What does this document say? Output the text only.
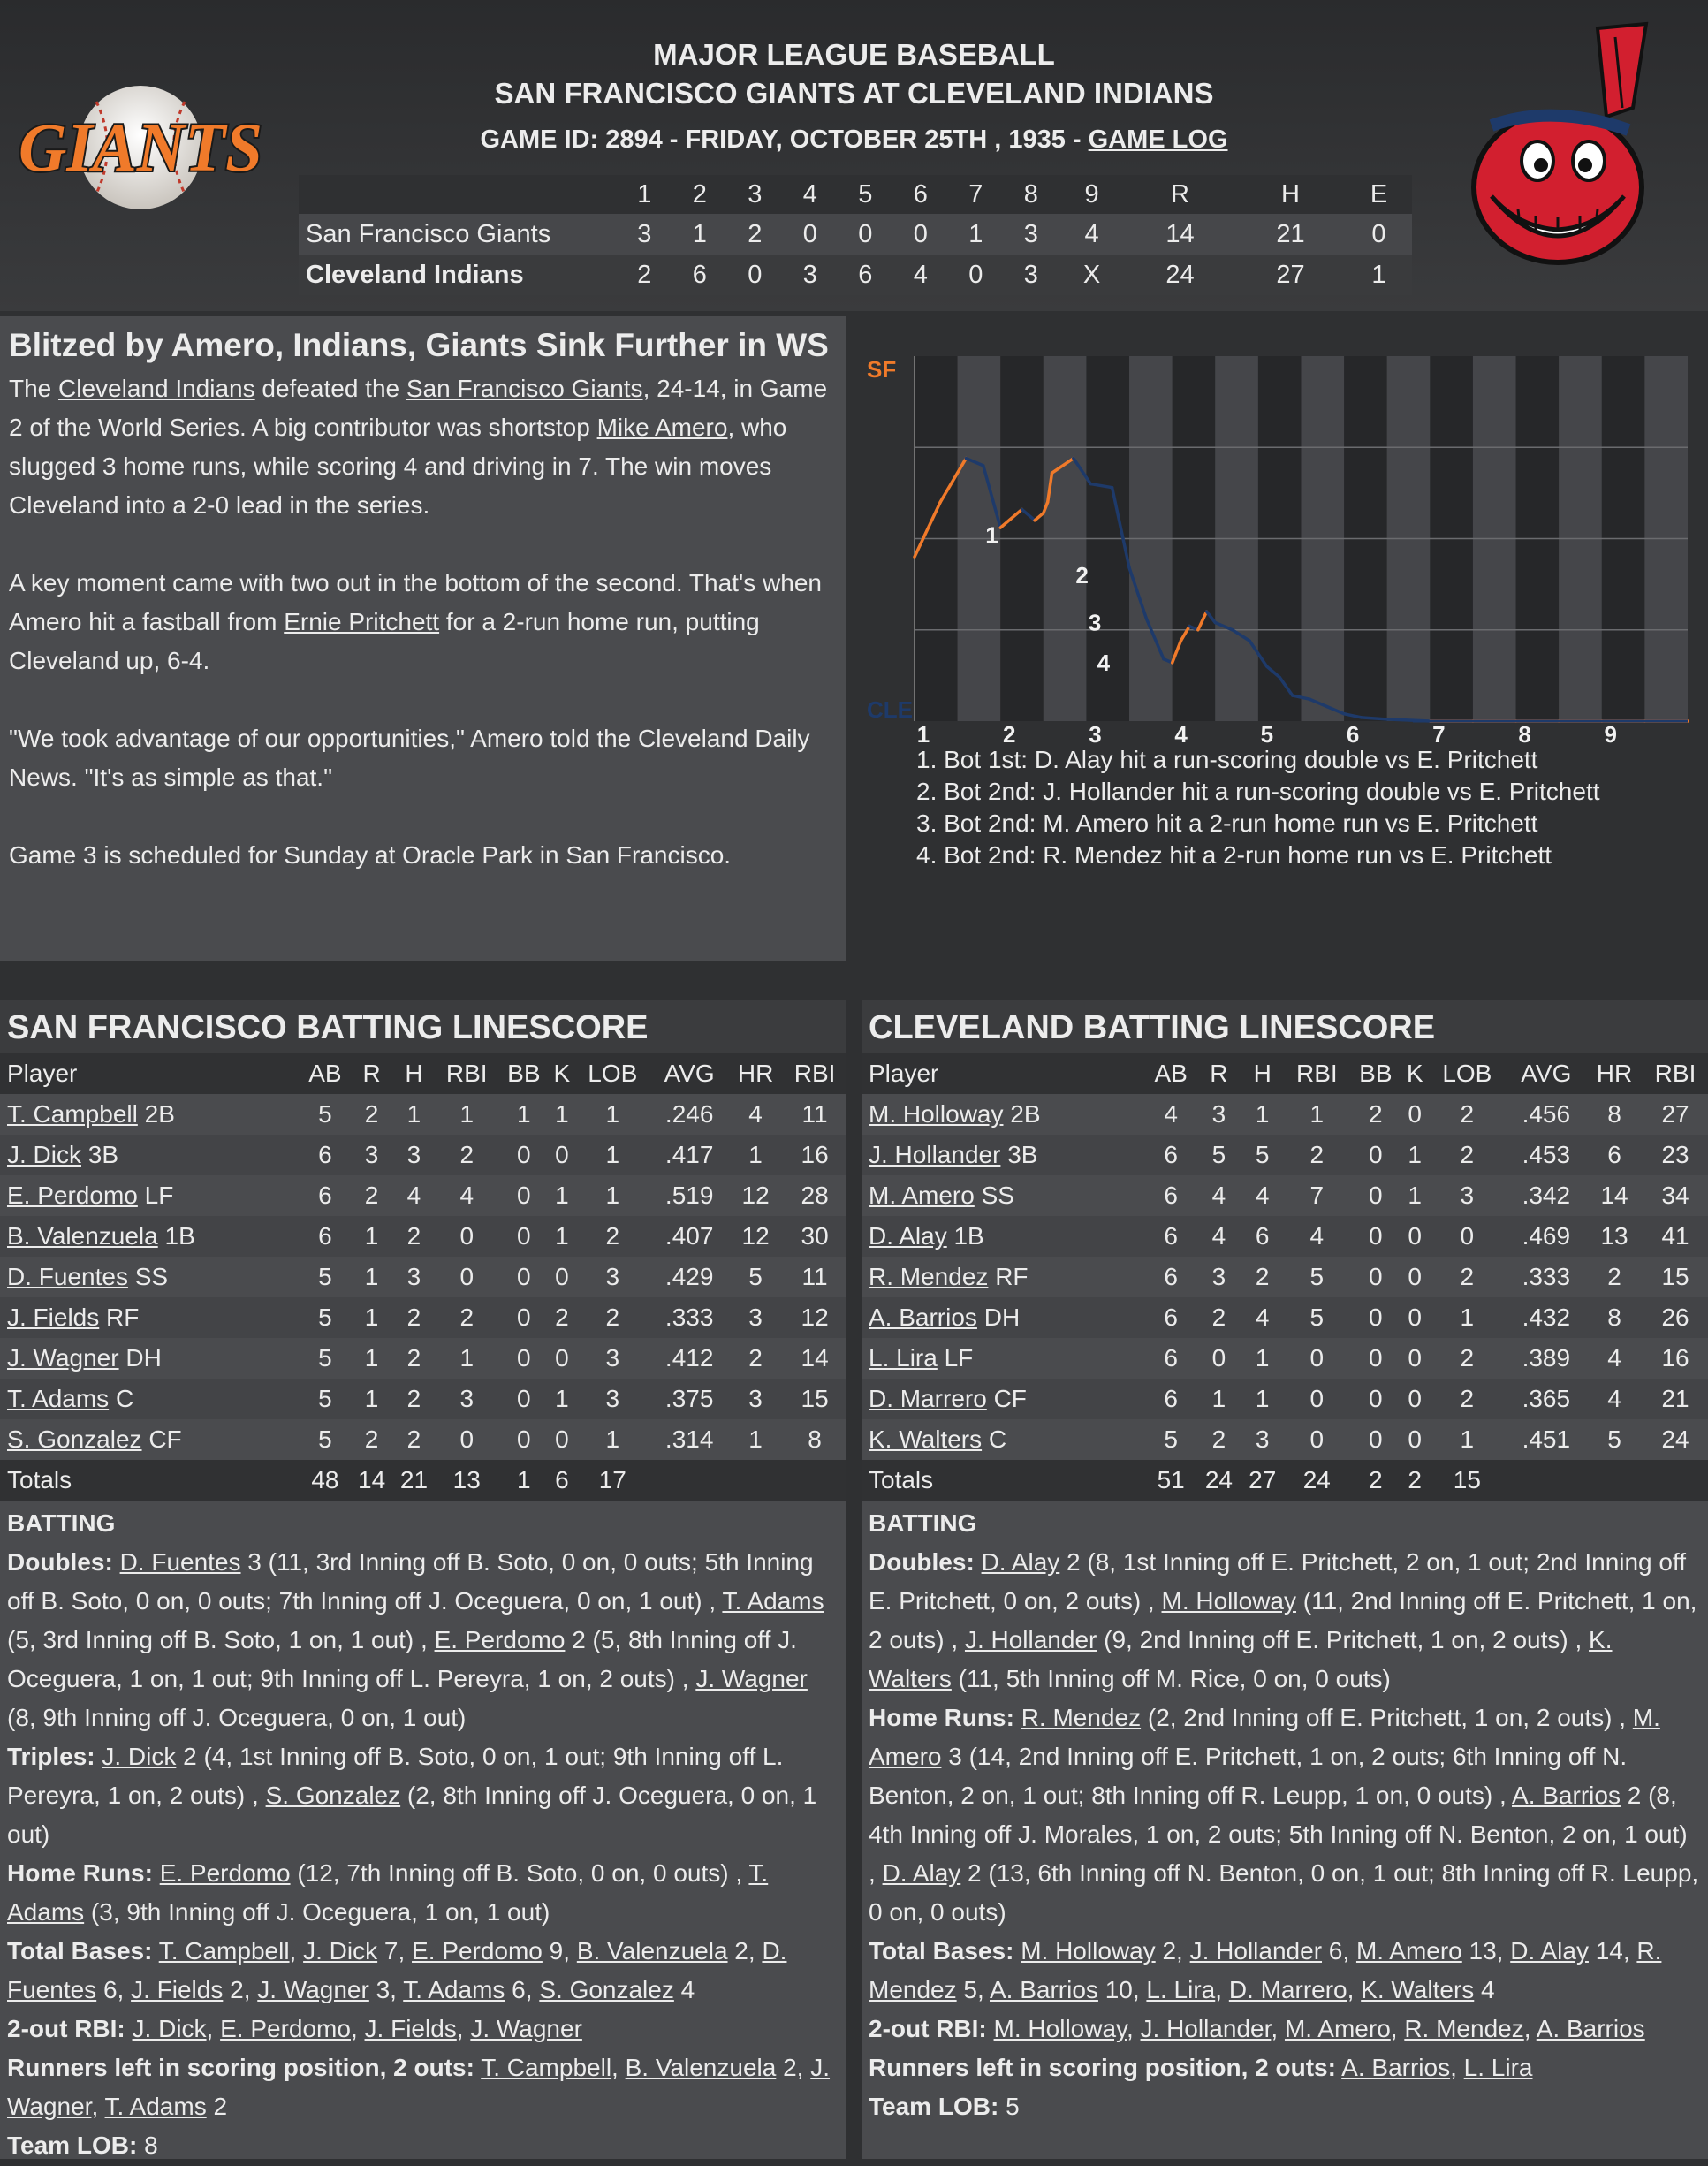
GIANTS
MAJOR LEAGUE BASEBALL
SAN FRANCISCO GIANTS AT CLEVELAND INDIANS
GAME ID: 2894 - FRIDAY, OCTOBER 25TH , 1935 - GAME LOG
	1	2	3	4	5	6	7	8	9	R	H	E
San Francisco Giants	3	1	2	0	0	0	1	3	4	14	21	0
Cleveland Indians	2	6	0	3	6	4	0	3	X	24	27	1
Blitzed by Amero, Indians, Giants Sink Further in WS

The Cleveland Indians defeated the San Francisco Giants, 24-14, in Game 2 of the World Series. A big contributor was shortstop Mike Amero, who slugged 3 home runs, while scoring 4 and driving in 7. The win moves Cleveland into a 2-0 lead in the series.

A key moment came with two out in the bottom of the second. That's when Amero hit a fastball from Ernie Pritchett for a 2-run home run, putting Cleveland up, 6-4.

"We took advantage of our opportunities," Amero told the Cleveland Daily News. "It's as simple as that."

Game 3 is scheduled for Sunday at Oracle Park in San Francisco.

SF
CLE
1
2
3
4
1	2	3	4	5	6	7	8	9
1. Bot 1st: D. Alay hit a run-scoring double vs E. Pritchett
2. Bot 2nd: J. Hollander hit a run-scoring double vs E. Pritchett
3. Bot 2nd: M. Amero hit a 2-run home run vs E. Pritchett
4. Bot 2nd: R. Mendez hit a 2-run home run vs E. Pritchett
SAN FRANCISCO BATTING LINESCORE
Player	AB	R	H	RBI	BB	K	LOB	AVG	HR	RBI
T. Campbell 2B	5	2	1	1	1	1	1	.246	4	11
J. Dick 3B	6	3	3	2	0	0	1	.417	1	16
E. Perdomo LF	6	2	4	4	0	1	1	.519	12	28
B. Valenzuela 1B	6	1	2	0	0	1	2	.407	12	30
D. Fuentes SS	5	1	3	0	0	0	3	.429	5	11
J. Fields RF	5	1	2	2	0	2	2	.333	3	12
J. Wagner DH	5	1	2	1	0	0	3	.412	2	14
T. Adams C	5	1	2	3	0	1	3	.375	3	15
S. Gonzalez CF	5	2	2	0	0	0	1	.314	1	8
Totals	48	14	21	13	1	6	17			
BATTING
Doubles: D. Fuentes 3 (11, 3rd Inning off B. Soto, 0 on, 0 outs; 5th Inning off B. Soto, 0 on, 0 outs; 7th Inning off J. Oceguera, 0 on, 1 out) , T. Adams (5, 3rd Inning off B. Soto, 1 on, 1 out) , E. Perdomo 2 (5, 8th Inning off J. Oceguera, 1 on, 1 out; 9th Inning off L. Pereyra, 1 on, 2 outs) , J. Wagner (8, 9th Inning off J. Oceguera, 0 on, 1 out)
Triples: J. Dick 2 (4, 1st Inning off B. Soto, 0 on, 1 out; 9th Inning off L. Pereyra, 1 on, 2 outs) , S. Gonzalez (2, 8th Inning off J. Oceguera, 0 on, 1 out)
Home Runs: E. Perdomo (12, 7th Inning off B. Soto, 0 on, 0 outs) , T. Adams (3, 9th Inning off J. Oceguera, 1 on, 1 out)
Total Bases: T. Campbell, J. Dick 7, E. Perdomo 9, B. Valenzuela 2, D. Fuentes 6, J. Fields 2, J. Wagner 3, T. Adams 6, S. Gonzalez 4
2-out RBI: J. Dick, E. Perdomo, J. Fields, J. Wagner
Runners left in scoring position, 2 outs: T. Campbell, B. Valenzuela 2, J. Wagner, T. Adams 2
Team LOB: 8
CLEVELAND BATTING LINESCORE
Player	AB	R	H	RBI	BB	K	LOB	AVG	HR	RBI
M. Holloway 2B	4	3	1	1	2	0	2	.456	8	27
J. Hollander 3B	6	5	5	2	0	1	2	.453	6	23
M. Amero SS	6	4	4	7	0	1	3	.342	14	34
D. Alay 1B	6	4	6	4	0	0	0	.469	13	41
R. Mendez RF	6	3	2	5	0	0	2	.333	2	15
A. Barrios DH	6	2	4	5	0	0	1	.432	8	26
L. Lira LF	6	0	1	0	0	0	2	.389	4	16
D. Marrero CF	6	1	1	0	0	0	2	.365	4	21
K. Walters C	5	2	3	0	0	0	1	.451	5	24
Totals	51	24	27	24	2	2	15			
BATTING
Doubles: D. Alay 2 (8, 1st Inning off E. Pritchett, 2 on, 1 out; 2nd Inning off E. Pritchett, 0 on, 2 outs) , M. Holloway (11, 2nd Inning off E. Pritchett, 1 on, 2 outs) , J. Hollander (9, 2nd Inning off E. Pritchett, 1 on, 2 outs) , K. Walters (11, 5th Inning off M. Rice, 0 on, 0 outs)
Home Runs: R. Mendez (2, 2nd Inning off E. Pritchett, 1 on, 2 outs) , M. Amero 3 (14, 2nd Inning off E. Pritchett, 1 on, 2 outs; 6th Inning off N. Benton, 2 on, 1 out; 8th Inning off R. Leupp, 1 on, 0 outs) , A. Barrios 2 (8, 4th Inning off J. Morales, 1 on, 2 outs; 5th Inning off N. Benton, 2 on, 1 out) , D. Alay 2 (13, 6th Inning off N. Benton, 0 on, 1 out; 8th Inning off R. Leupp, 0 on, 0 outs)
Total Bases: M. Holloway 2, J. Hollander 6, M. Amero 13, D. Alay 14, R. Mendez 5, A. Barrios 10, L. Lira, D. Marrero, K. Walters 4
2-out RBI: M. Holloway, J. Hollander, M. Amero, R. Mendez, A. Barrios
Runners left in scoring position, 2 outs: A. Barrios, L. Lira
Team LOB: 5
